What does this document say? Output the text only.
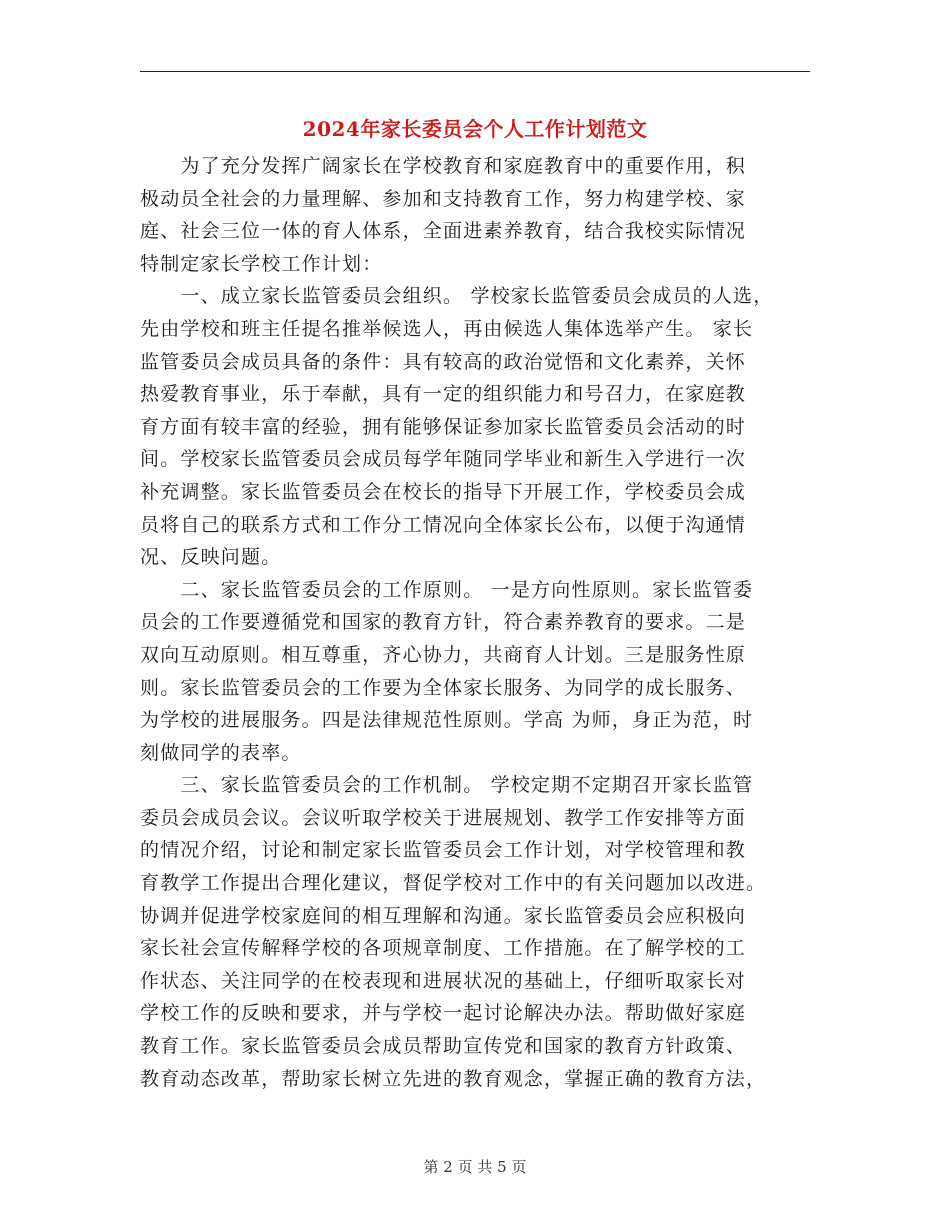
2024年家长委员会个人工作计划范文
　　为了充分发挥广阔家长在学校教育和家庭教育中的重要作用，积
极动员全社会的力量理解、参加和支持教育工作，努力构建学校、家
庭、社会三位一体的育人体系，全面进素养教育，结合我校实际情况
特制定家长学校工作计划：
　　一、成立家长监管委员会组织。 学校家长监管委员会成员的人选，
先由学校和班主任提名推举候选人，再由候选人集体选举产生。 家长
监管委员会成员具备的条件：具有较高的政治觉悟和文化素养，关怀
热爱教育事业，乐于奉献，具有一定的组织能力和号召力，在家庭教
育方面有较丰富的经验，拥有能够保证参加家长监管委员会活动的时
间。学校家长监管委员会成员每学年随同学毕业和新生入学进行一次
补充调整。家长监管委员会在校长的指导下开展工作，学校委员会成
员将自己的联系方式和工作分工情况向全体家长公布，以便于沟通情
况、反映问题。
　　二、家长监管委员会的工作原则。 一是方向性原则。家长监管委
员会的工作要遵循党和国家的教育方针，符合素养教育的要求。二是
双向互动原则。相互尊重，齐心协力，共商育人计划。三是服务性原
则。家长监管委员会的工作要为全体家长服务、为同学的成长服务、
为学校的进展服务。四是法律规范性原则。学高 为师，身正为范，时
刻做同学的表率。
　　三、家长监管委员会的工作机制。 学校定期不定期召开家长监管
委员会成员会议。会议听取学校关于进展规划、教学工作安排等方面
的情况介绍，讨论和制定家长监管委员会工作计划，对学校管理和教
育教学工作提出合理化建议，督促学校对工作中的有关问题加以改进。
协调并促进学校家庭间的相互理解和沟通。家长监管委员会应积极向
家长社会宣传解释学校的各项规章制度、工作措施。在了解学校的工
作状态、关注同学的在校表现和进展状况的基础上，仔细听取家长对
学校工作的反映和要求，并与学校一起讨论解决办法。帮助做好家庭
教育工作。家长监管委员会成员帮助宣传党和国家的教育方针政策、
教育动态改革，帮助家长树立先进的教育观念，掌握正确的教育方法，
第 2 页 共 5 页
